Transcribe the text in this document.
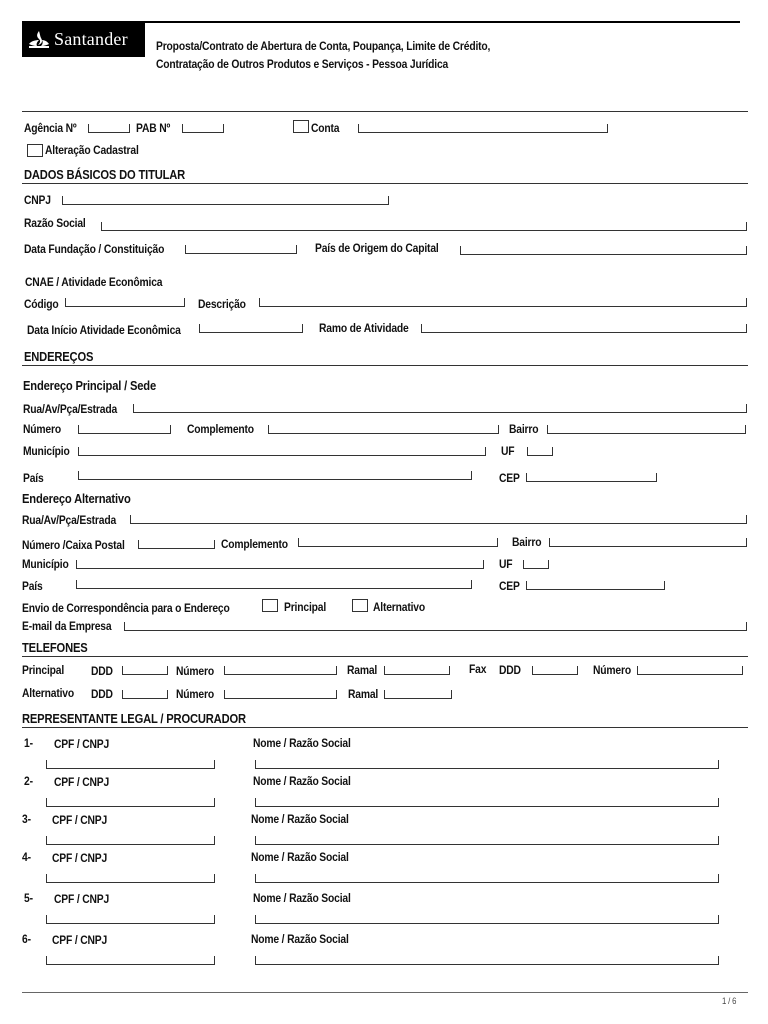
Santander Proposta/Contrato de Abertura de Conta, Poupança, Limite de Crédito,
Contratação de Outros Produtos e Serviços - Pessoa Jurídica
Agência Nº	PAB Nº	Conta
Alteração Cadastral
DADOS BÁSICOS DO TITULAR
CNPJ
Razão Social
Data Fundação / Constituição	País de Origem do Capital
CNAE / Atividade Econômica
Código	Descrição
Data Início Atividade Econômica	Ramo de Atividade
ENDEREÇOS
Endereço Principal / Sede
Rua/Av/Pça/Estrada
Número	Complemento	Bairro
Município	UF
País	CEP
Endereço Alternativo
Rua/Av/Pça/Estrada
Número /Caixa Postal	Complemento	Bairro
Município	UF
País	CEP
Envio de Correspondência para o Endereço	Principal	Alternativo
E-mail da Empresa
TELEFONES
Principal DDD	Número	Ramal	Fax DDD	Número
Alternativo DDD	Número	Ramal
REPRESENTANTE LEGAL / PROCURADOR
1- CPF / CNPJ	Nome / Razão Social
2- CPF / CNPJ	Nome / Razão Social
3- CPF / CNPJ	Nome / Razão Social
4- CPF / CNPJ	Nome / Razão Social
5- CPF / CNPJ	Nome / Razão Social
6- CPF / CNPJ	Nome / Razão Social
1 / 6
